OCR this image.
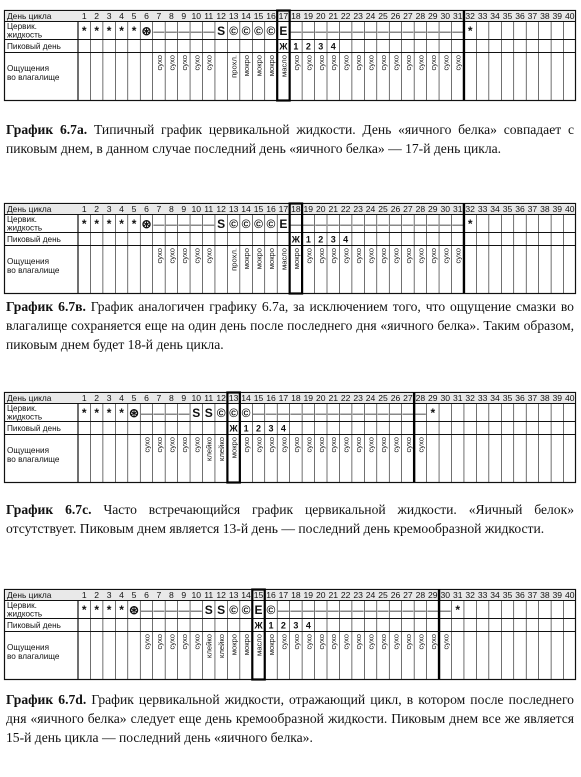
День цикла
Цервик.
жидкость
Пиковый день
Ощущения
во влагалище
1
*
2
*
3
*
4
*
5
*
6
⊛
7
—
сухо
8
—
сухо
9
—
сухо
10
—
сухо
11
—
сухо
12
S
13
©
прохл.
14
©
мокро
15
©
мокро
16
©
мокро
17
E
Ж
масло
18
—
1
сухо
19
—
2
сухо
20
—
3
сухо
21
—
4
сухо
22
—
сухо
23
—
сухо
24
—
сухо
25
—
сухо
26
—
сухо
27
—
сухо
28
—
сухо
29
—
сухо
30
—
сухо
31
—
сухо
32
*
33 34 35 36 37 38 39 40

График 6.7a. Типичный график цервикальной жидкости. День «яичного белка» совпадает с пиковым днем, в данном случае последний день «яичного белка» — 17-й день цикла.

День цикла
Цервик.
жидкость
Пиковый день
Ощущения
во влагалище
1
*
2
*
3
*
4
*
5
*
6
⊛
7
—
сухо
8
—
сухо
9
—
сухо
10
—
сухо
11
—
сухо
12
S
13
©
прохл.
14
©
мокро
15
©
мокро
16
©
мокро
17
E
масло
18
—
Ж
мокро
19
—
1
сухо
20
—
2
сухо
21
—
3
сухо
22
—
4
сухо
23
—
сухо
24
—
сухо
25
—
сухо
26
—
сухо
27
—
сухо
28
—
сухо
29
—
сухо
30
—
сухо
31
—
сухо
32
*
33 34 35 36 37 38 39 40

График 6.7в. График аналогичен графику 6.7a, за исключением того, что ощущение смазки во влагалище сохраняется еще на один день после последнего дня «яичного белка». Таким образом, пиковым днем будет 18-й день цикла.

День цикла
Цервик.
жидкость
Пиковый день
Ощущения
во влагалище
1
*
2
*
3
*
4
*
5
⊛
6
—
сухо
7
—
сухо
8
—
сухо
9
—
сухо
10
S
сухо
11
S
клейко
12
©
клейко
13
©
Ж
мокро
14
©
1
сухо
15
—
2
сухо
16
—
3
сухо
17
—
4
сухо
18
—
сухо
19
—
сухо
20
—
сухо
21
—
сухо
22
—
сухо
23
—
сухо
24
—
сухо
25
—
сухо
26
—
сухо
27
—
сухо
28
—
сухо
29
*
30 31 32 33 34 35 36 37 38 39 40

График 6.7с. Часто встречающийся график цервикальной жидкости. «Яичный белок» отсутствует. Пиковым днем является 13-й день — последний день кремообразной жидкости.

День цикла
Цервик.
жидкость
Пиковый день
Ощущения
во влагалище
1
*
2
*
3
*
4
*
5
⊛
6
—
сухо
7
—
сухо
8
—
сухо
9
—
сухо
10
—
сухо
11
S
клейко
12
S
клейко
13
©
мокро
14
©
мокро
15
E
Ж
масло
16
©
1
мокро
17
—
2
сухо
18
—
3
сухо
19
—
4
сухо
20
—
сухо
21
—
сухо
22
—
сухо
23
—
сухо
24
—
сухо
25
—
сухо
26
—
сухо
27
—
сухо
28
—
сухо
29
—
сухо
30
—
сухо
31
*
32 33 34 35 36 37 38 39 40

График 6.7d. График цервикальной жидкости, отражающий цикл, в котором после последнего дня «яичного белка» следует еще день кремообразной жидкости. Пиковым днем все же является 15-й день цикла — последний день «яичного белка».
